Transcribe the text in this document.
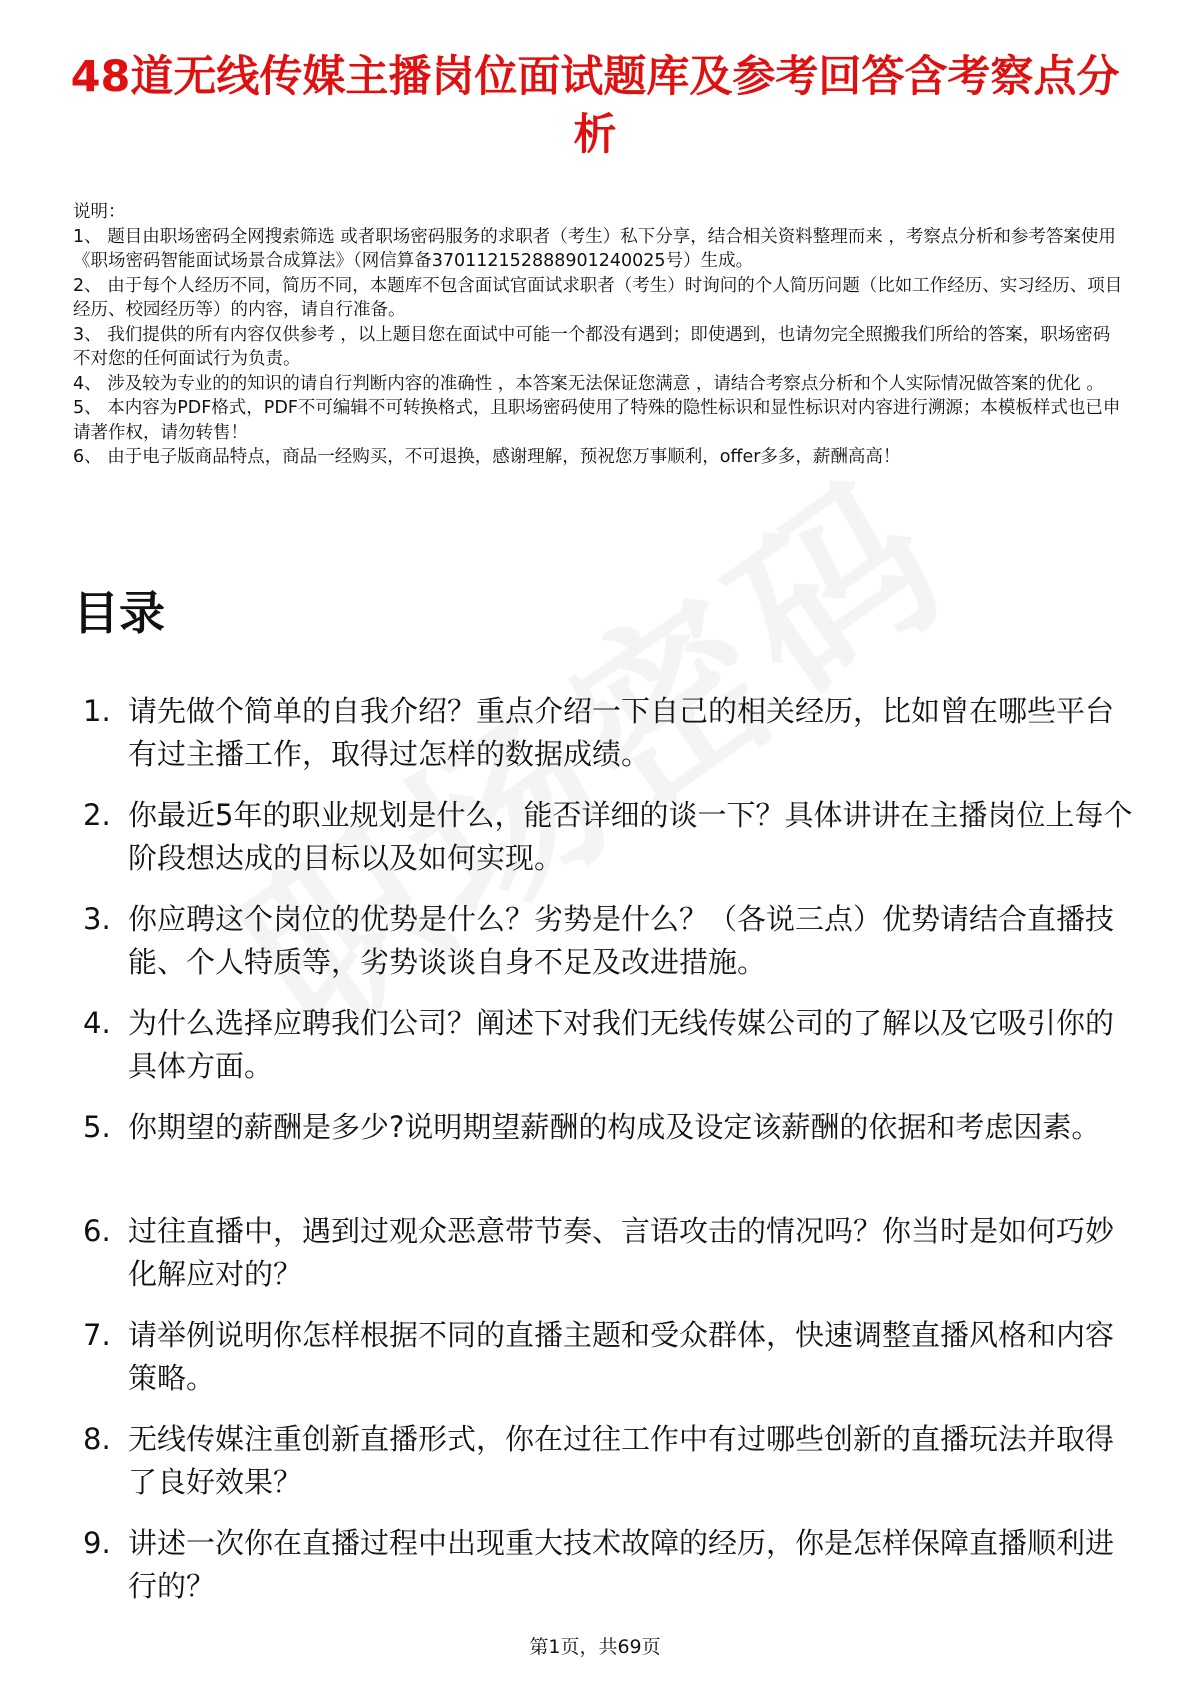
48道无线传媒主播岗位面试题库及参考回答含考察点分析

说明：

1、 题目由职场密码全网搜索筛选 或者职场密码服务的求职者（考生）私下分享，结合相关资料整理而来 ，考察点分析和参考答案使用《职场密码智能面试场景合成算法》（网信算备370112152888901240025号）生成。

2、 由于每个人经历不同，简历不同，本题库不包含面试官面试求职者（考生）时询问的个人简历问题（比如工作经历、实习经历、项目经历、校园经历等）的内容，请自行准备。

3、 我们提供的所有内容仅供参考 ，以上题目您在面试中可能一个都没有遇到；即使遇到，也请勿完全照搬我们所给的答案，职场密码不对您的任何面试行为负责。

4、 涉及较为专业的的知识的请自行判断内容的准确性 ，本答案无法保证您满意 ，请结合考察点分析和个人实际情况做答案的优化 。

5、 本内容为PDF格式，PDF不可编辑不可转换格式，且职场密码使用了特殊的隐性标识和显性标识对内容进行溯源；本模板样式也已申请著作权，请勿转售！

6、 由于电子版商品特点，商品一经购买，不可退换，感谢理解，预祝您万事顺利，offer多多，薪酬高高！

目录
1. 请先做个简单的自我介绍？重点介绍一下自己的相关经历，比如曾在哪些平台有过主播工作，取得过怎样的数据成绩。
2. 你最近5年的职业规划是什么，能否详细的谈一下？具体讲讲在主播岗位上每个阶段想达成的目标以及如何实现。
3. 你应聘这个岗位的优势是什么？劣势是什么？（各说三点）优势请结合直播技能、个人特质等，劣势谈谈自身不足及改进措施。
4. 为什么选择应聘我们公司？阐述下对我们无线传媒公司的了解以及它吸引你的具体方面。
5. 你期望的薪酬是多少?说明期望薪酬的构成及设定该薪酬的依据和考虑因素。
6. 过往直播中，遇到过观众恶意带节奏、言语攻击的情况吗？你当时是如何巧妙化解应对的？
7. 请举例说明你怎样根据不同的直播主题和受众群体，快速调整直播风格和内容策略。
8. 无线传媒注重创新直播形式，你在过往工作中有过哪些创新的直播玩法并取得了良好效果？
9. 讲述一次你在直播过程中出现重大技术故障的经历，你是怎样保障直播顺利进行的？
第1页，共69页
